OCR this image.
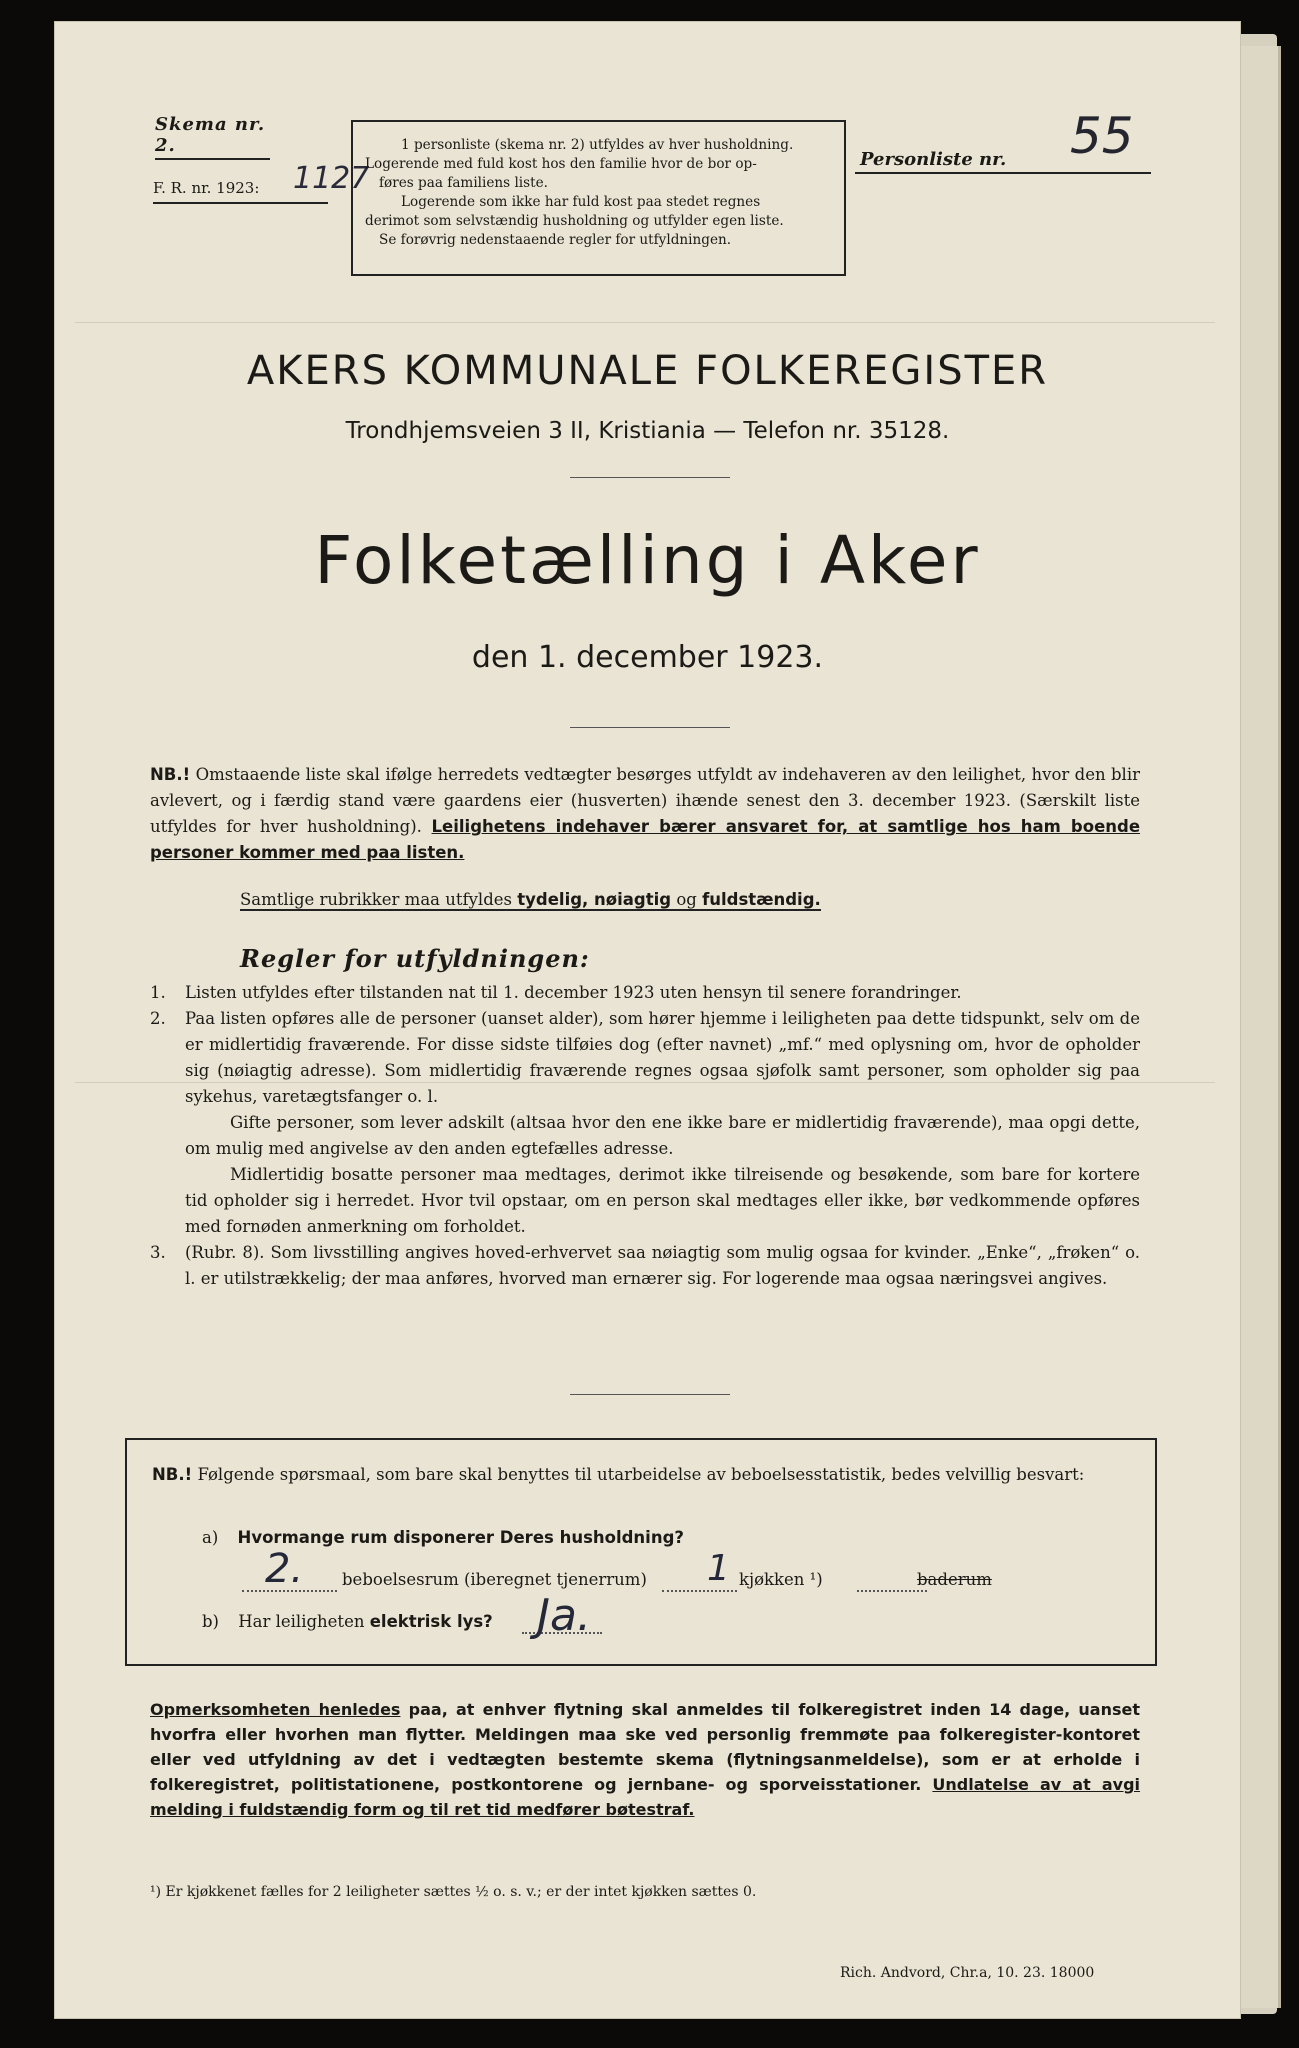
Skema nr. 2.
F. R. nr. 1923: 1127

1 personliste (skema nr. 2) utfyldes av hver husholdning.

Logerende med fuld kost hos den familie hvor de bor op-

føres paa familiens liste.

Logerende som ikke har fuld kost paa stedet regnes

derimot som selvstændig husholdning og utfylder egen liste.

Se forøvrig nedenstaaende regler for utfyldningen.

Personliste nr. 55
AKERS KOMMUNALE FOLKEREGISTER
Trondhjemsveien 3 II, Kristiania — Telefon nr. 35128.
Folketælling i Aker
den 1. december 1923.
NB.! Omstaaende liste skal ifølge herredets vedtægter besørges utfyldt av indehaveren av den leilighet, hvor den blir avlevert, og i færdig stand være gaardens eier (husverten) ihænde senest den 3. december 1923. (Særskilt liste utfyldes for hver husholdning). Leilighetens indehaver bærer ansvaret for, at samtlige hos ham boende personer kommer med paa listen.
Samtlige rubrikker maa utfyldes tydelig, nøiagtig og fuldstændig.
Regler for utfyldningen:
1.	Listen utfyldes efter tilstanden nat til 1. december 1923 uten hensyn til senere forandringer.
2.	Paa listen opføres alle de personer (uanset alder), som hører hjemme i leiligheten paa dette tidspunkt, selv om de er midlertidig fraværende. For disse sidste tilføies dog (efter navnet) „mf.“ med oplysning om, hvor de opholder sig (nøiagtig adresse). Som midlertidig fraværende regnes ogsaa sjøfolk samt personer, som opholder sig paa sykehus, varetægtsfanger o. l.
Gifte personer, som lever adskilt (altsaa hvor den ene ikke bare er midlertidig fraværende), maa opgi dette, om mulig med angivelse av den anden egtefælles adresse.
Midlertidig bosatte personer maa medtages, derimot ikke tilreisende og besøkende, som bare for kortere tid opholder sig i herredet. Hvor tvil opstaar, om en person skal medtages eller ikke, bør vedkommende opføres med fornøden anmerkning om forholdet.
3.	(Rubr. 8). Som livsstilling angives hoved-erhvervet saa nøiagtig som mulig ogsaa for kvinder. „Enke“, „frøken“ o. l. er utilstrækkelig; der maa anføres, hvorved man ernærer sig. For logerende maa ogsaa næringsvei angives.
NB.! Følgende spørsmaal, som bare skal benyttes til utarbeidelse av beboelsesstatistik, bedes velvillig besvart:
a) Hvormange rum disponerer Deres husholdning?
2. beboelsesrum (iberegnet tjenerrum) 1 kjøkken ¹)	baderum
b) Har leiligheten elektrisk lys? Ja.
Opmerksomheten henledes paa, at enhver flytning skal anmeldes til folkeregistret inden 14 dage, uanset hvorfra eller hvorhen man flytter. Meldingen maa ske ved personlig fremmøte paa folkeregister-kontoret eller ved utfyldning av det i vedtægten bestemte skema (flytningsanmeldelse), som er at erholde i folkeregistret, politistationene, postkontorene og jernbane- og sporveisstationer. Undlatelse av at avgi melding i fuldstændig form og til ret tid medfører bøtestraf.
¹) Er kjøkkenet fælles for 2 leiligheter sættes ½ o. s. v.; er der intet kjøkken sættes 0.
Rich. Andvord, Chr.a, 10. 23. 18000
